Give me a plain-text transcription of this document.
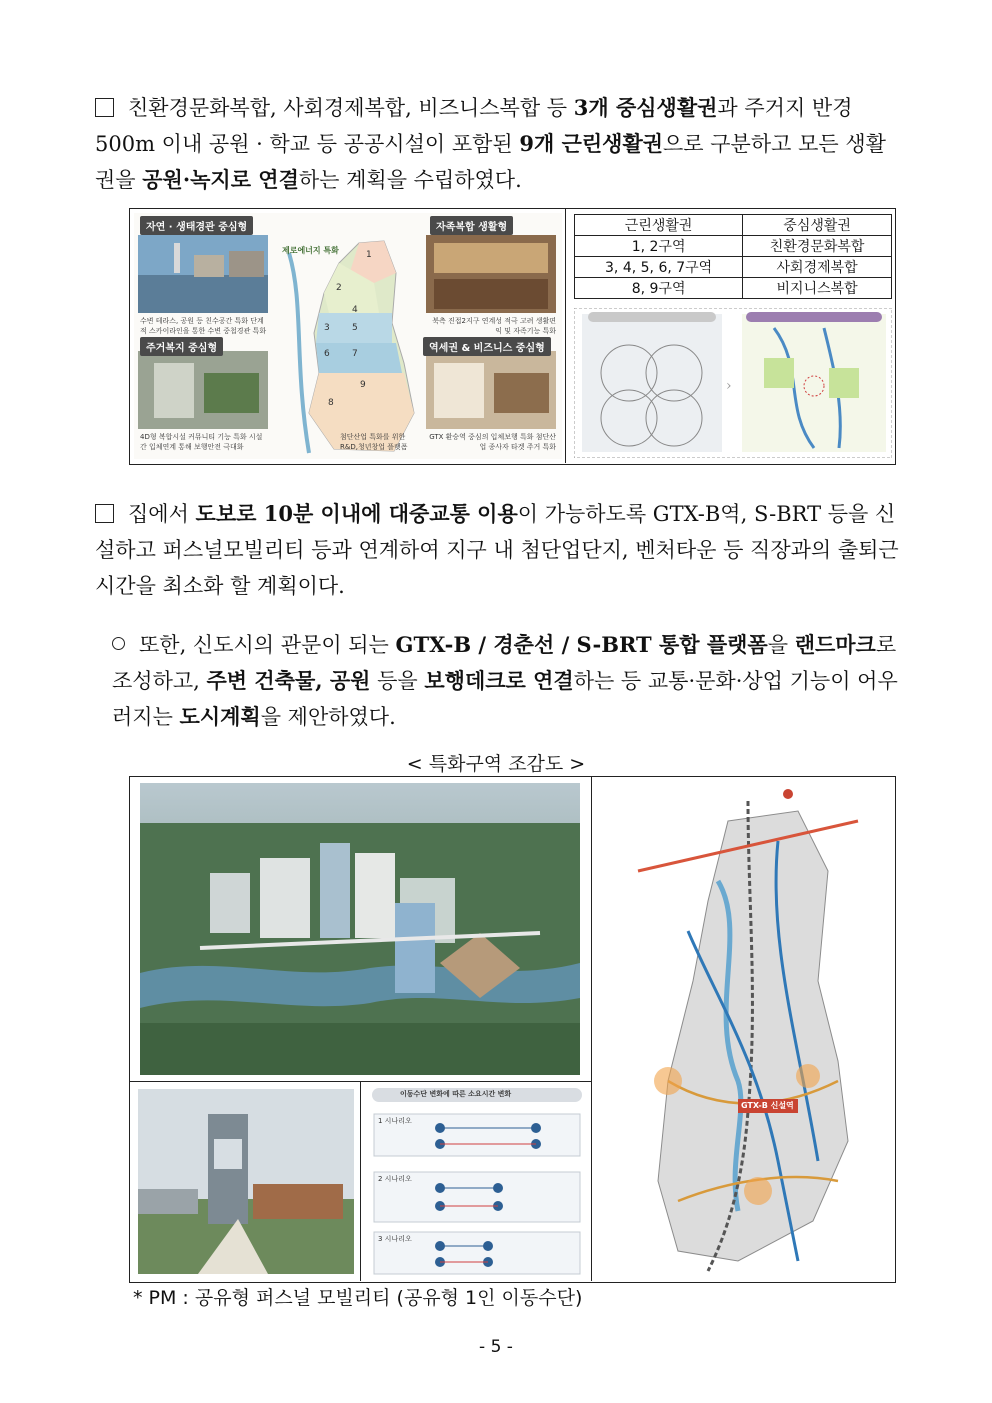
친환경문화복합, 사회경제복합, 비즈니스복합 등 3개 중심생활권과 주거지 반경 500m 이내 공원 · 학교 등 공공시설이 포함된 9개 근린생활권으로 구분하고 모든 생활권을 공원·녹지로 연결하는 계획을 수립하였다.
자연 · 생태경관 중심형
수변 테라스, 공원 등 친수공간 특화 단계적 스카이라인을 통한 수변 중첩경관 특화
자족복합 생활형
북측 진접2지구 연계성 적극 고려 생활편익 및 자족기능 특화
주거복지 중심형
4D형 복합시설 커뮤니티 기능 특화 시설간 입체연계 통해 보행안전 극대화
역세권 & 비즈니스 중심형
GTX 환승역 중심의 입체보행 특화 첨단산업 종사자 타겟 주거 특화
제로에너지 특화
첨단산업 특화를 위한 R&D,청년창업 플랫폼
1
2
3
4
5
6 7
8
9
근린생활권	중심생활권
1, 2구역	친환경문화복합
3, 4, 5, 6, 7구역	사회경제복합
8, 9구역	비지니스복합
›
집에서 도보로 10분 이내에 대중교통 이용이 가능하도록 GTX-B역, S-BRT 등을 신설하고 퍼스널모빌리티 등과 연계하여 지구 내 첨단업단지, 벤처타운 등 직장과의 출퇴근 시간을 최소화 할 계획이다.
또한, 신도시의 관문이 되는 GTX-B / 경춘선 / S-BRT 통합 플랫폼을 랜드마크로 조성하고, 주변 건축물, 공원 등을 보행데크로 연결하는 등 교통·문화·상업 기능이 어우러지는 도시계획을 제안하였다.
< 특화구역 조감도 >
이동수단 변화에 따른 소요시간 변화
1 시나리오
2 시나리오
3 시나리오
GTX-B 신설역
* PM : 공유형 퍼스널 모빌리티 (공유형 1인 이동수단)
- 5 -
